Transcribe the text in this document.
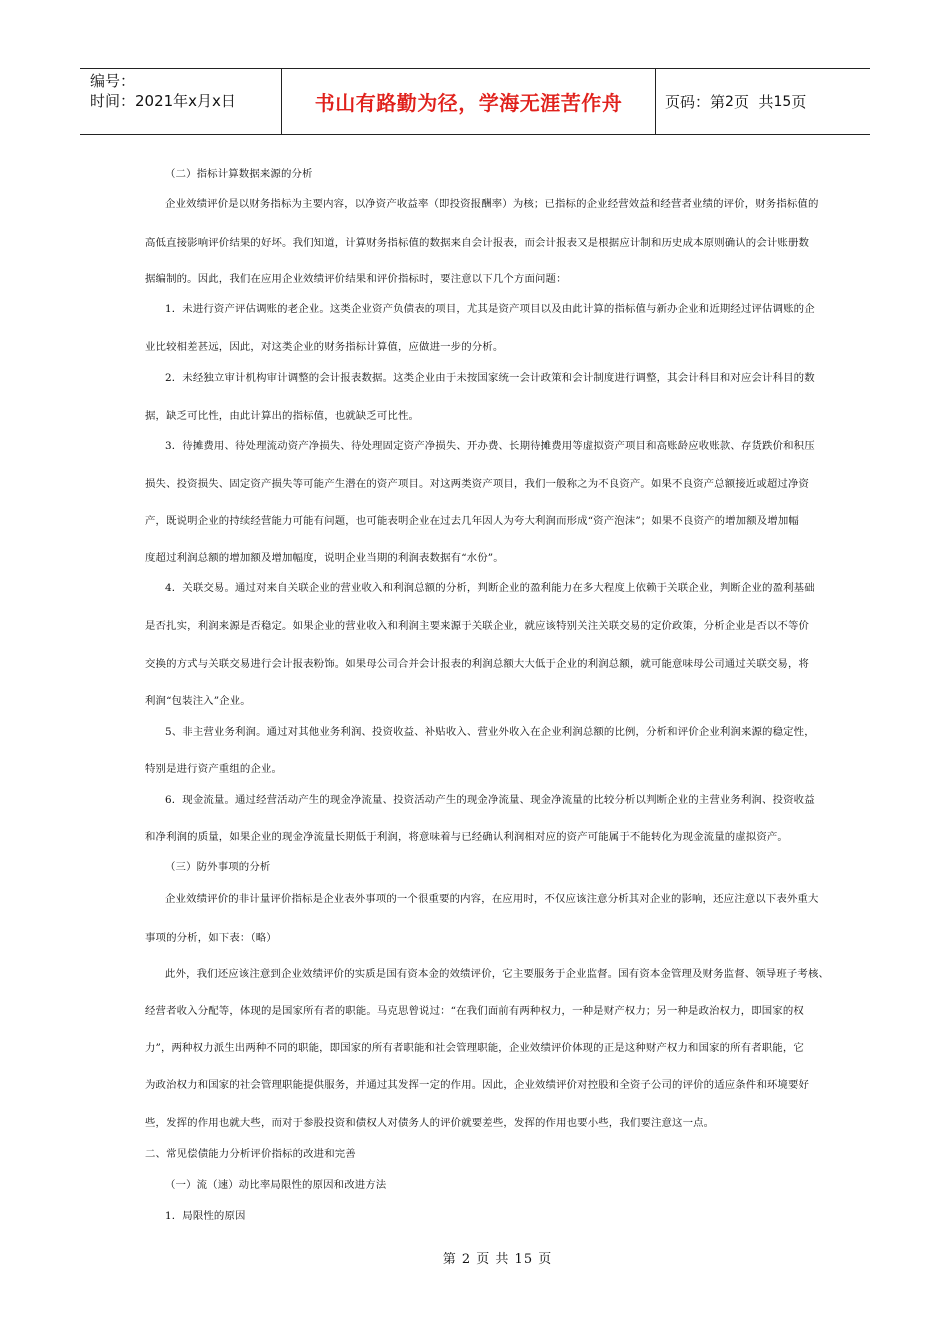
编号：
时间：2021年x月x日	书山有路勤为径，学海无涯苦作舟	页码：第 2 页  共 15 页
（二）指标计算数据来源的分析
企业效绩评价是以财务指标为主要内容，以净资产收益率（即投资报酬率）为核；已指标的企业经营效益和经营者业绩的评价，财务指标值的
高低直接影响评价结果的好坏。我们知道，计算财务指标值的数据来自会计报表，而会计报表又是根据应计制和历史成本原则确认的会计账册数
据编制的。因此，我们在应用企业效绩评价结果和评价指标时，要注意以下几个方面问题：
1．未进行资产评估调账的老企业。这类企业资产负债表的项目，尤其是资产项目以及由此计算的指标值与新办企业和近期经过评估调账的企
业比较相差甚远，因此，对这类企业的财务指标计算值，应做进一步的分析。
2．未经独立审计机构审计调整的会计报表数据。这类企业由于未按国家统一会计政策和会计制度进行调整，其会计科目和对应会计科目的数
据，缺乏可比性，由此计算出的指标值，也就缺乏可比性。
3．待摊费用、待处理流动资产净损失、待处理固定资产净损失、开办费、长期待摊费用等虚拟资产项目和高账龄应收账款、存货跌价和积压
损失、投资损失、固定资产损失等可能产生潜在的资产项目。对这两类资产项目，我们一般称之为不良资产。如果不良资产总额接近或超过净资
产，既说明企业的持续经营能力可能有问题，也可能表明企业在过去几年因人为夸大利润而形成“资产泡沫”；如果不良资产的增加额及增加幅
度超过利润总额的增加额及增加幅度，说明企业当期的利润表数据有“水份”。
4．关联交易。通过对来自关联企业的营业收入和利润总额的分析，判断企业的盈利能力在多大程度上依赖于关联企业，判断企业的盈利基础
是否扎实，利润来源是否稳定。如果企业的营业收入和利润主要来源于关联企业，就应该特别关注关联交易的定价政策，分析企业是否以不等价
交换的方式与关联交易进行会计报表粉饰。如果母公司合并会计报表的利润总额大大低于企业的利润总额，就可能意味母公司通过关联交易，将
利润“包装注入”企业。
5、非主营业务利润。通过对其他业务利润、投资收益、补贴收入、营业外收入在企业利润总额的比例，分析和评价企业利润来源的稳定性，
特别是进行资产重组的企业。
6．现金流量。通过经营活动产生的现金净流量、投资活动产生的现金净流量、现金净流量的比较分析以判断企业的主营业务利润、投资收益
和净利润的质量，如果企业的现金净流量长期低于利润，将意味着与已经确认利润相对应的资产可能属于不能转化为现金流量的虚拟资产。
（三）防外事项的分析
企业效绩评价的非计量评价指标是企业表外事项的一个很重要的内容，在应用时，不仅应该注意分析其对企业的影响，还应注意以下表外重大
事项的分析，如下表：（略）
此外，我们还应该注意到企业效绩评价的实质是国有资本金的效绩评价，它主要服务于企业监督。国有资本金管理及财务监督、领导班子考核、
经营者收入分配等，体现的是国家所有者的职能。马克思曾说过：“在我们面前有两种权力，一种是财产权力；另一种是政治权力，即国家的权
力”，两种权力派生出两种不同的职能，即国家的所有者职能和社会管理职能，企业效绩评价体现的正是这种财产权力和国家的所有者职能，它
为政治权力和国家的社会管理职能提供服务，并通过其发挥一定的作用。因此，企业效绩评价对控股和全资子公司的评价的适应条件和环境要好
些，发挥的作用也就大些，而对于参股投资和债权人对债务人的评价就要差些，发挥的作用也要小些，我们要注意这一点。
二、常见偿债能力分析评价指标的改进和完善
（一）流（速）动比率局限性的原因和改进方法
1．局限性的原因
第 2 页 共 15 页
